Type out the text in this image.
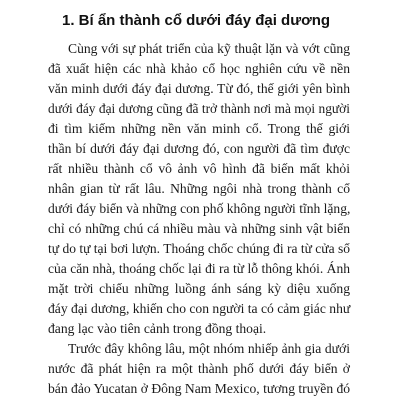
1. Bí ẩn thành cổ dưới đáy đại dương
Cùng với sự phát triển của kỹ thuật lặn và vớt cũng
đã xuất hiện các nhà khảo cổ học nghiên cứu về nền
văn minh dưới đáy đại dương. Từ đó, thế giới yên bình
dưới đáy đại dương cũng đã trở thành nơi mà mọi người
đi tìm kiếm những nền văn minh cổ. Trong thế giới
thần bí dưới đáy đại dương đó, con người đã tìm được
rất nhiều thành cổ vô ảnh vô hình đã biến mất khỏi
nhân gian từ rất lâu. Những ngôi nhà trong thành cổ
dưới đáy biển và những con phố không người tĩnh lặng,
chỉ có những chú cá nhiều màu và những sinh vật biển
tự do tự tại bơi lượn. Thoáng chốc chúng đi ra từ cửa sổ
của căn nhà, thoáng chốc lại đi ra từ lỗ thông khói. Ánh
mặt trời chiếu những luồng ánh sáng kỳ diệu xuống
đáy đại dương, khiến cho con người ta có cảm giác như
đang lạc vào tiên cảnh trong đồng thoại.
Trước đây không lâu, một nhóm nhiếp ảnh gia dưới
nước đã phát hiện ra một thành phố dưới đáy biển ở
bán đảo Yucatan ở Đông Nam Mexico, tương truyền đó
